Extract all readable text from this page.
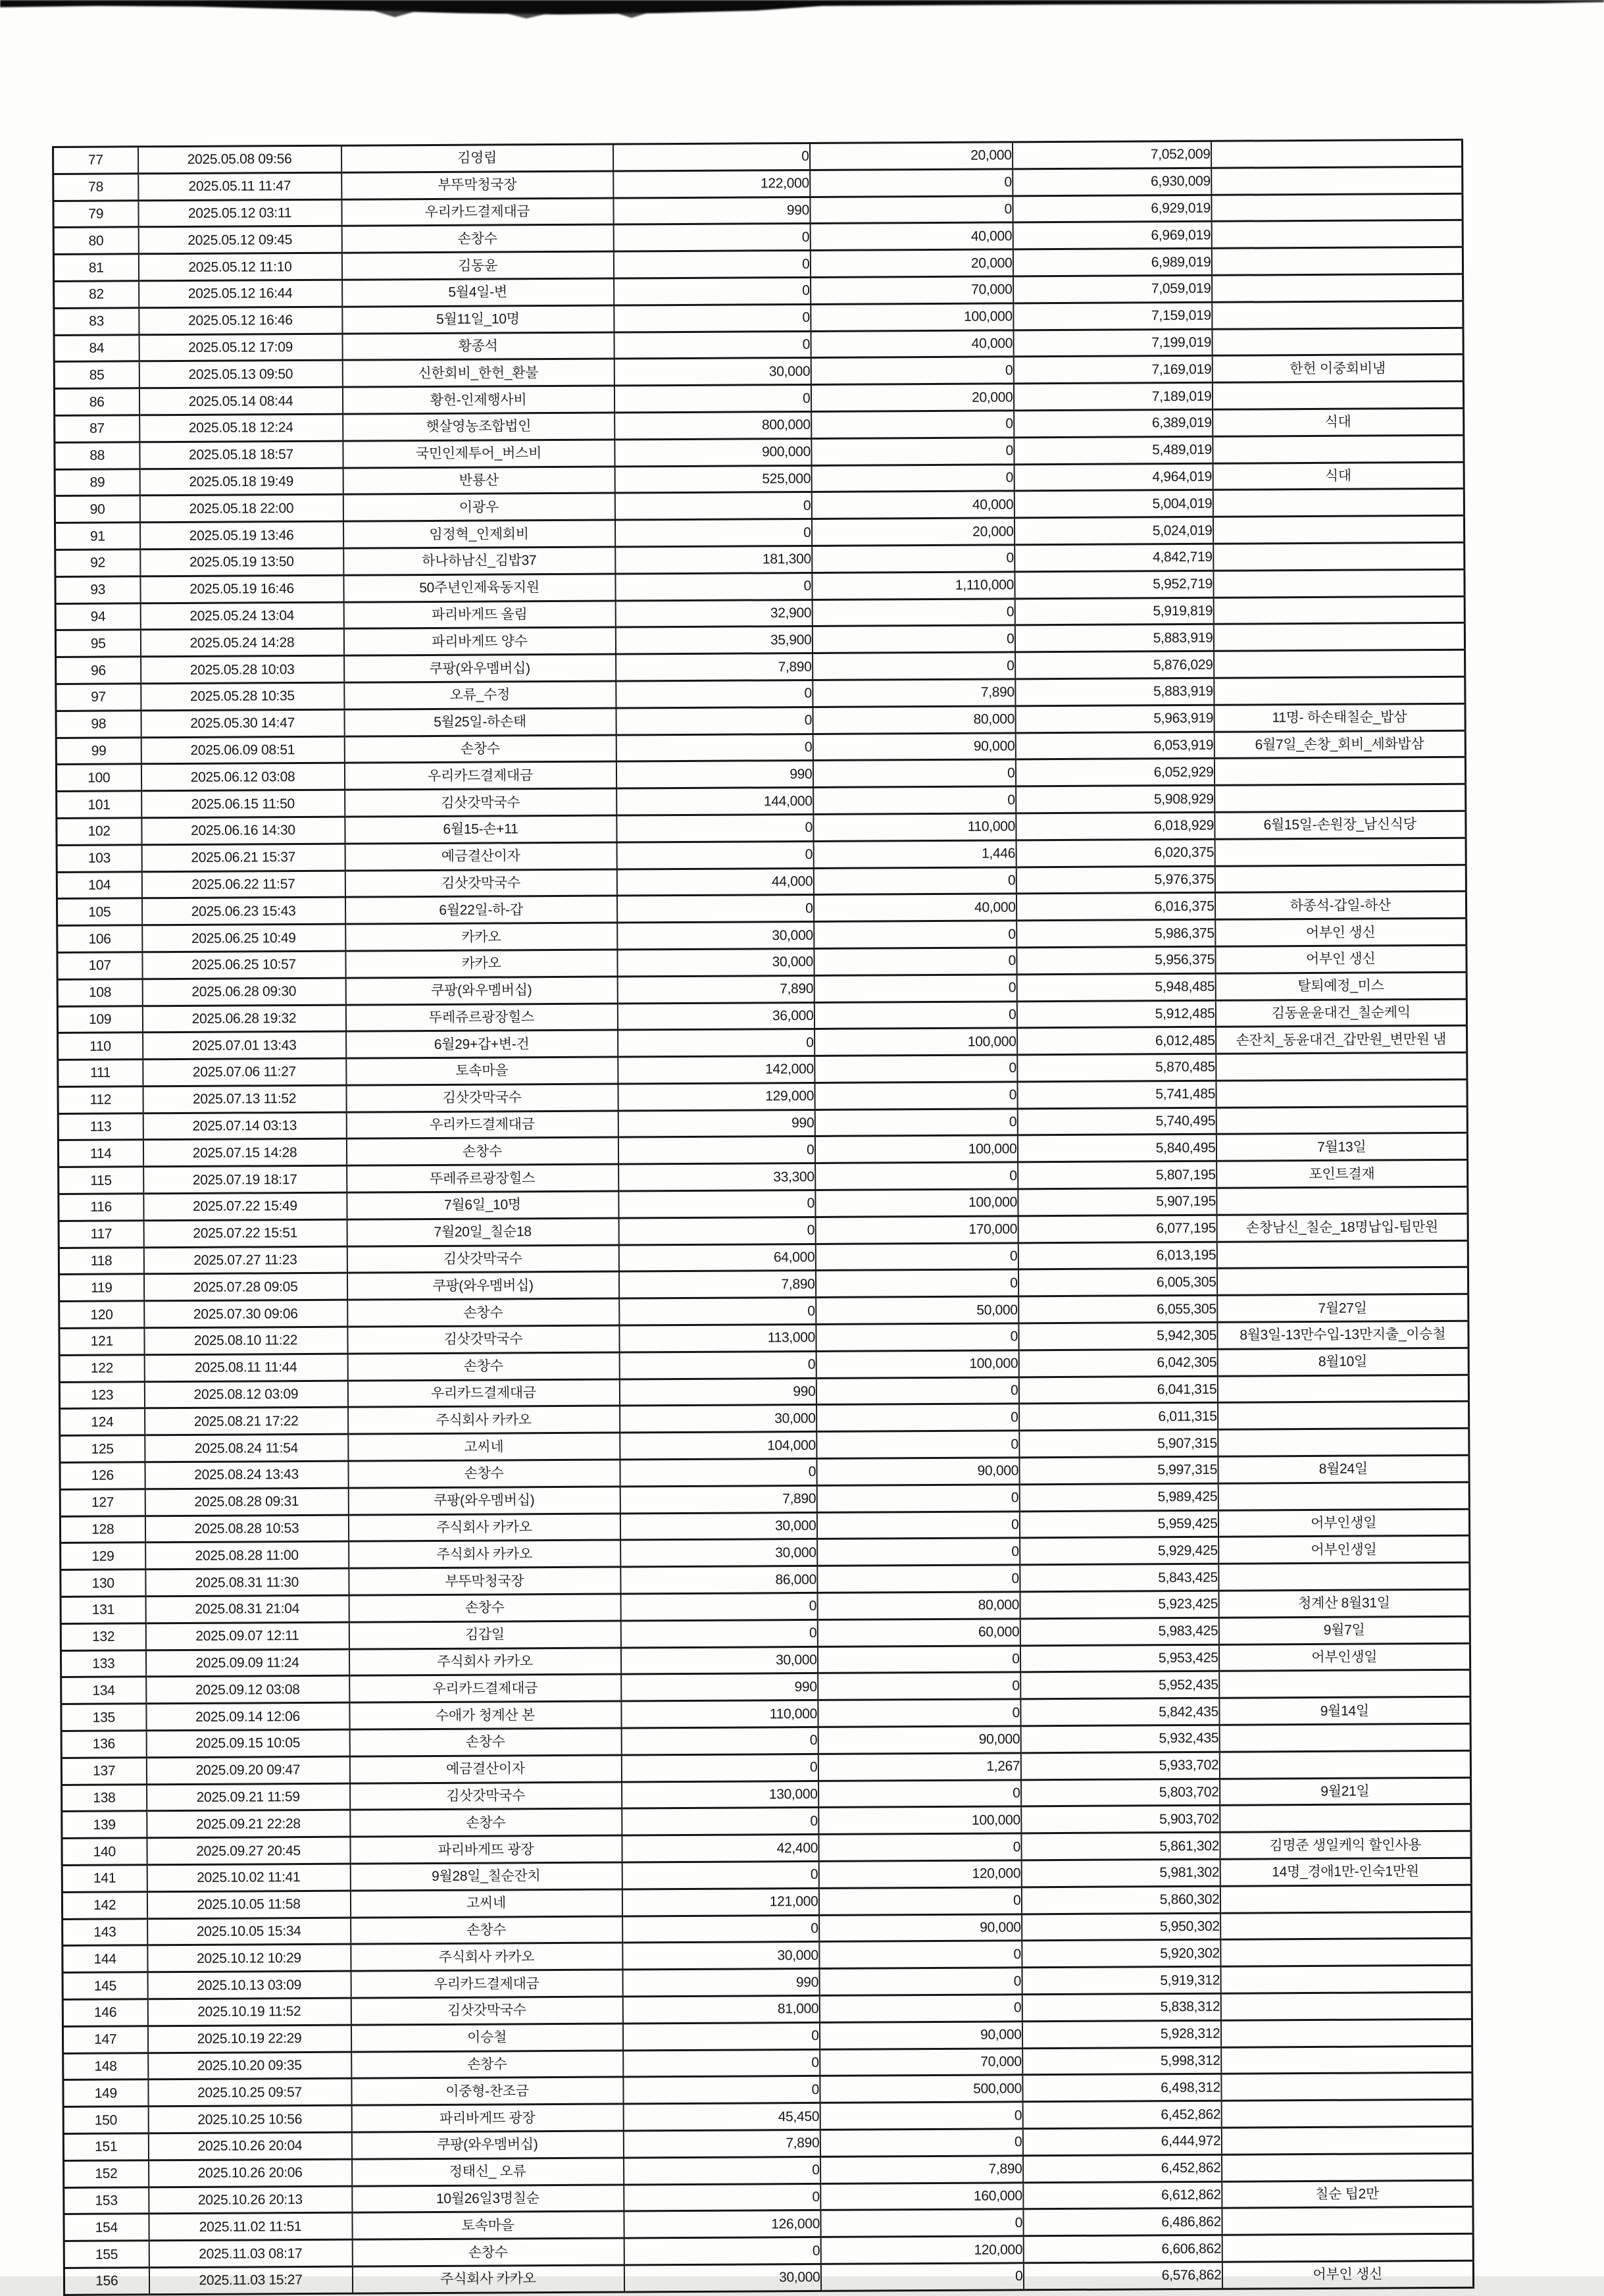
77	2025.05.08 09:56	김영립	0	20,000	7,052,009	
78	2025.05.11 11:47	부뚜막청국장	122,000	0	6,930,009	
79	2025.05.12 03:11	우리카드결제대금	990	0	6,929,019	
80	2025.05.12 09:45	손창수	0	40,000	6,969,019	
81	2025.05.12 11:10	김동윤	0	20,000	6,989,019	
82	2025.05.12 16:44	5월4일-변	0	70,000	7,059,019	
83	2025.05.12 16:46	5월11일_10명	0	100,000	7,159,019	
84	2025.05.12 17:09	황종석	0	40,000	7,199,019	
85	2025.05.13 09:50	신한회비_한헌_환불	30,000	0	7,169,019	한헌 이중회비냄
86	2025.05.14 08:44	황헌-인제행사비	0	20,000	7,189,019	
87	2025.05.18 12:24	햇살영농조합법인	800,000	0	6,389,019	식대
88	2025.05.18 18:57	국민인제투어_버스비	900,000	0	5,489,019	
89	2025.05.18 19:49	반룡산	525,000	0	4,964,019	식대
90	2025.05.18 22:00	이광우	0	40,000	5,004,019	
91	2025.05.19 13:46	임정혁_인제회비	0	20,000	5,024,019	
92	2025.05.19 13:50	하나하남신_김밥37	181,300	0	4,842,719	
93	2025.05.19 16:46	50주년인제육동지원	0	1,110,000	5,952,719	
94	2025.05.24 13:04	파리바게뜨 올림	32,900	0	5,919,819	
95	2025.05.24 14:28	파리바게뜨 양수	35,900	0	5,883,919	
96	2025.05.28 10:03	쿠팡(와우멤버십)	7,890	0	5,876,029	
97	2025.05.28 10:35	오류_수정	0	7,890	5,883,919	
98	2025.05.30 14:47	5월25일-하손태	0	80,000	5,963,919	11명- 하손태칠순_밥삼
99	2025.06.09 08:51	손창수	0	90,000	6,053,919	6월7일_손창_회비_세화밥삼
100	2025.06.12 03:08	우리카드결제대금	990	0	6,052,929	
101	2025.06.15 11:50	김삿갓막국수	144,000	0	5,908,929	
102	2025.06.16 14:30	6월15-손+11	0	110,000	6,018,929	6월15일-손원장_남신식당
103	2025.06.21 15:37	예금결산이자	0	1,446	6,020,375	
104	2025.06.22 11:57	김삿갓막국수	44,000	0	5,976,375	
105	2025.06.23 15:43	6월22일-하-갑	0	40,000	6,016,375	하종석-갑일-하산
106	2025.06.25 10:49	카카오	30,000	0	5,986,375	어부인 생신
107	2025.06.25 10:57	카카오	30,000	0	5,956,375	어부인 생신
108	2025.06.28 09:30	쿠팡(와우멤버십)	7,890	0	5,948,485	탈퇴예정_미스
109	2025.06.28 19:32	뚜레쥬르광장힐스	36,000	0	5,912,485	김동윤윤대건_칠순케익
110	2025.07.01 13:43	6월29+갑+변-건	0	100,000	6,012,485	손잔치_동윤대건_갑만원_변만원 냄
111	2025.07.06 11:27	토속마을	142,000	0	5,870,485	
112	2025.07.13 11:52	김삿갓막국수	129,000	0	5,741,485	
113	2025.07.14 03:13	우리카드결제대금	990	0	5,740,495	
114	2025.07.15 14:28	손창수	0	100,000	5,840,495	7월13일
115	2025.07.19 18:17	뚜레쥬르광장힐스	33,300	0	5,807,195	포인트결재
116	2025.07.22 15:49	7월6일_10명	0	100,000	5,907,195	
117	2025.07.22 15:51	7월20일_칠순18	0	170,000	6,077,195	손창남신_칠순_18명납입-팁만원
118	2025.07.27 11:23	김삿갓막국수	64,000	0	6,013,195	
119	2025.07.28 09:05	쿠팡(와우멤버십)	7,890	0	6,005,305	
120	2025.07.30 09:06	손창수	0	50,000	6,055,305	7월27일
121	2025.08.10 11:22	김삿갓막국수	113,000	0	5,942,305	8월3일-13만수입-13만지출_이승철
122	2025.08.11 11:44	손창수	0	100,000	6,042,305	8월10일
123	2025.08.12 03:09	우리카드결제대금	990	0	6,041,315	
124	2025.08.21 17:22	주식회사 카카오	30,000	0	6,011,315	
125	2025.08.24 11:54	고씨네	104,000	0	5,907,315	
126	2025.08.24 13:43	손창수	0	90,000	5,997,315	8월24일
127	2025.08.28 09:31	쿠팡(와우멤버십)	7,890	0	5,989,425	
128	2025.08.28 10:53	주식회사 카카오	30,000	0	5,959,425	어부인생일
129	2025.08.28 11:00	주식회사 카카오	30,000	0	5,929,425	어부인생일
130	2025.08.31 11:30	부뚜막청국장	86,000	0	5,843,425	
131	2025.08.31 21:04	손창수	0	80,000	5,923,425	청계산 8월31일
132	2025.09.07 12:11	김갑일	0	60,000	5,983,425	9월7일
133	2025.09.09 11:24	주식회사 카카오	30,000	0	5,953,425	어부인생일
134	2025.09.12 03:08	우리카드결제대금	990	0	5,952,435	
135	2025.09.14 12:06	수애가 청계산 본	110,000	0	5,842,435	9월14일
136	2025.09.15 10:05	손창수	0	90,000	5,932,435	
137	2025.09.20 09:47	예금결산이자	0	1,267	5,933,702	
138	2025.09.21 11:59	김삿갓막국수	130,000	0	5,803,702	9월21일
139	2025.09.21 22:28	손창수	0	100,000	5,903,702	
140	2025.09.27 20:45	파리바게뜨 광장	42,400	0	5,861,302	김명준 생일케익 할인사용
141	2025.10.02 11:41	9월28일_칠순잔치	0	120,000	5,981,302	14명_경애1만-인숙1만원
142	2025.10.05 11:58	고씨네	121,000	0	5,860,302	
143	2025.10.05 15:34	손창수	0	90,000	5,950,302	
144	2025.10.12 10:29	주식회사 카카오	30,000	0	5,920,302	
145	2025.10.13 03:09	우리카드결제대금	990	0	5,919,312	
146	2025.10.19 11:52	김삿갓막국수	81,000	0	5,838,312	
147	2025.10.19 22:29	이승철	0	90,000	5,928,312	
148	2025.10.20 09:35	손창수	0	70,000	5,998,312	
149	2025.10.25 09:57	이중형-찬조금	0	500,000	6,498,312	
150	2025.10.25 10:56	파리바게뜨 광장	45,450	0	6,452,862	
151	2025.10.26 20:04	쿠팡(와우멤버십)	7,890	0	6,444,972	
152	2025.10.26 20:06	정태신_ 오류	0	7,890	6,452,862	
153	2025.10.26 20:13	10월26일3명칠순	0	160,000	6,612,862	칠순 팁2만
154	2025.11.02 11:51	토속마을	126,000	0	6,486,862	
155	2025.11.03 08:17	손창수	0	120,000	6,606,862	
156	2025.11.03 15:27	주식회사 카카오	30,000	0	6,576,862	어부인 생신
